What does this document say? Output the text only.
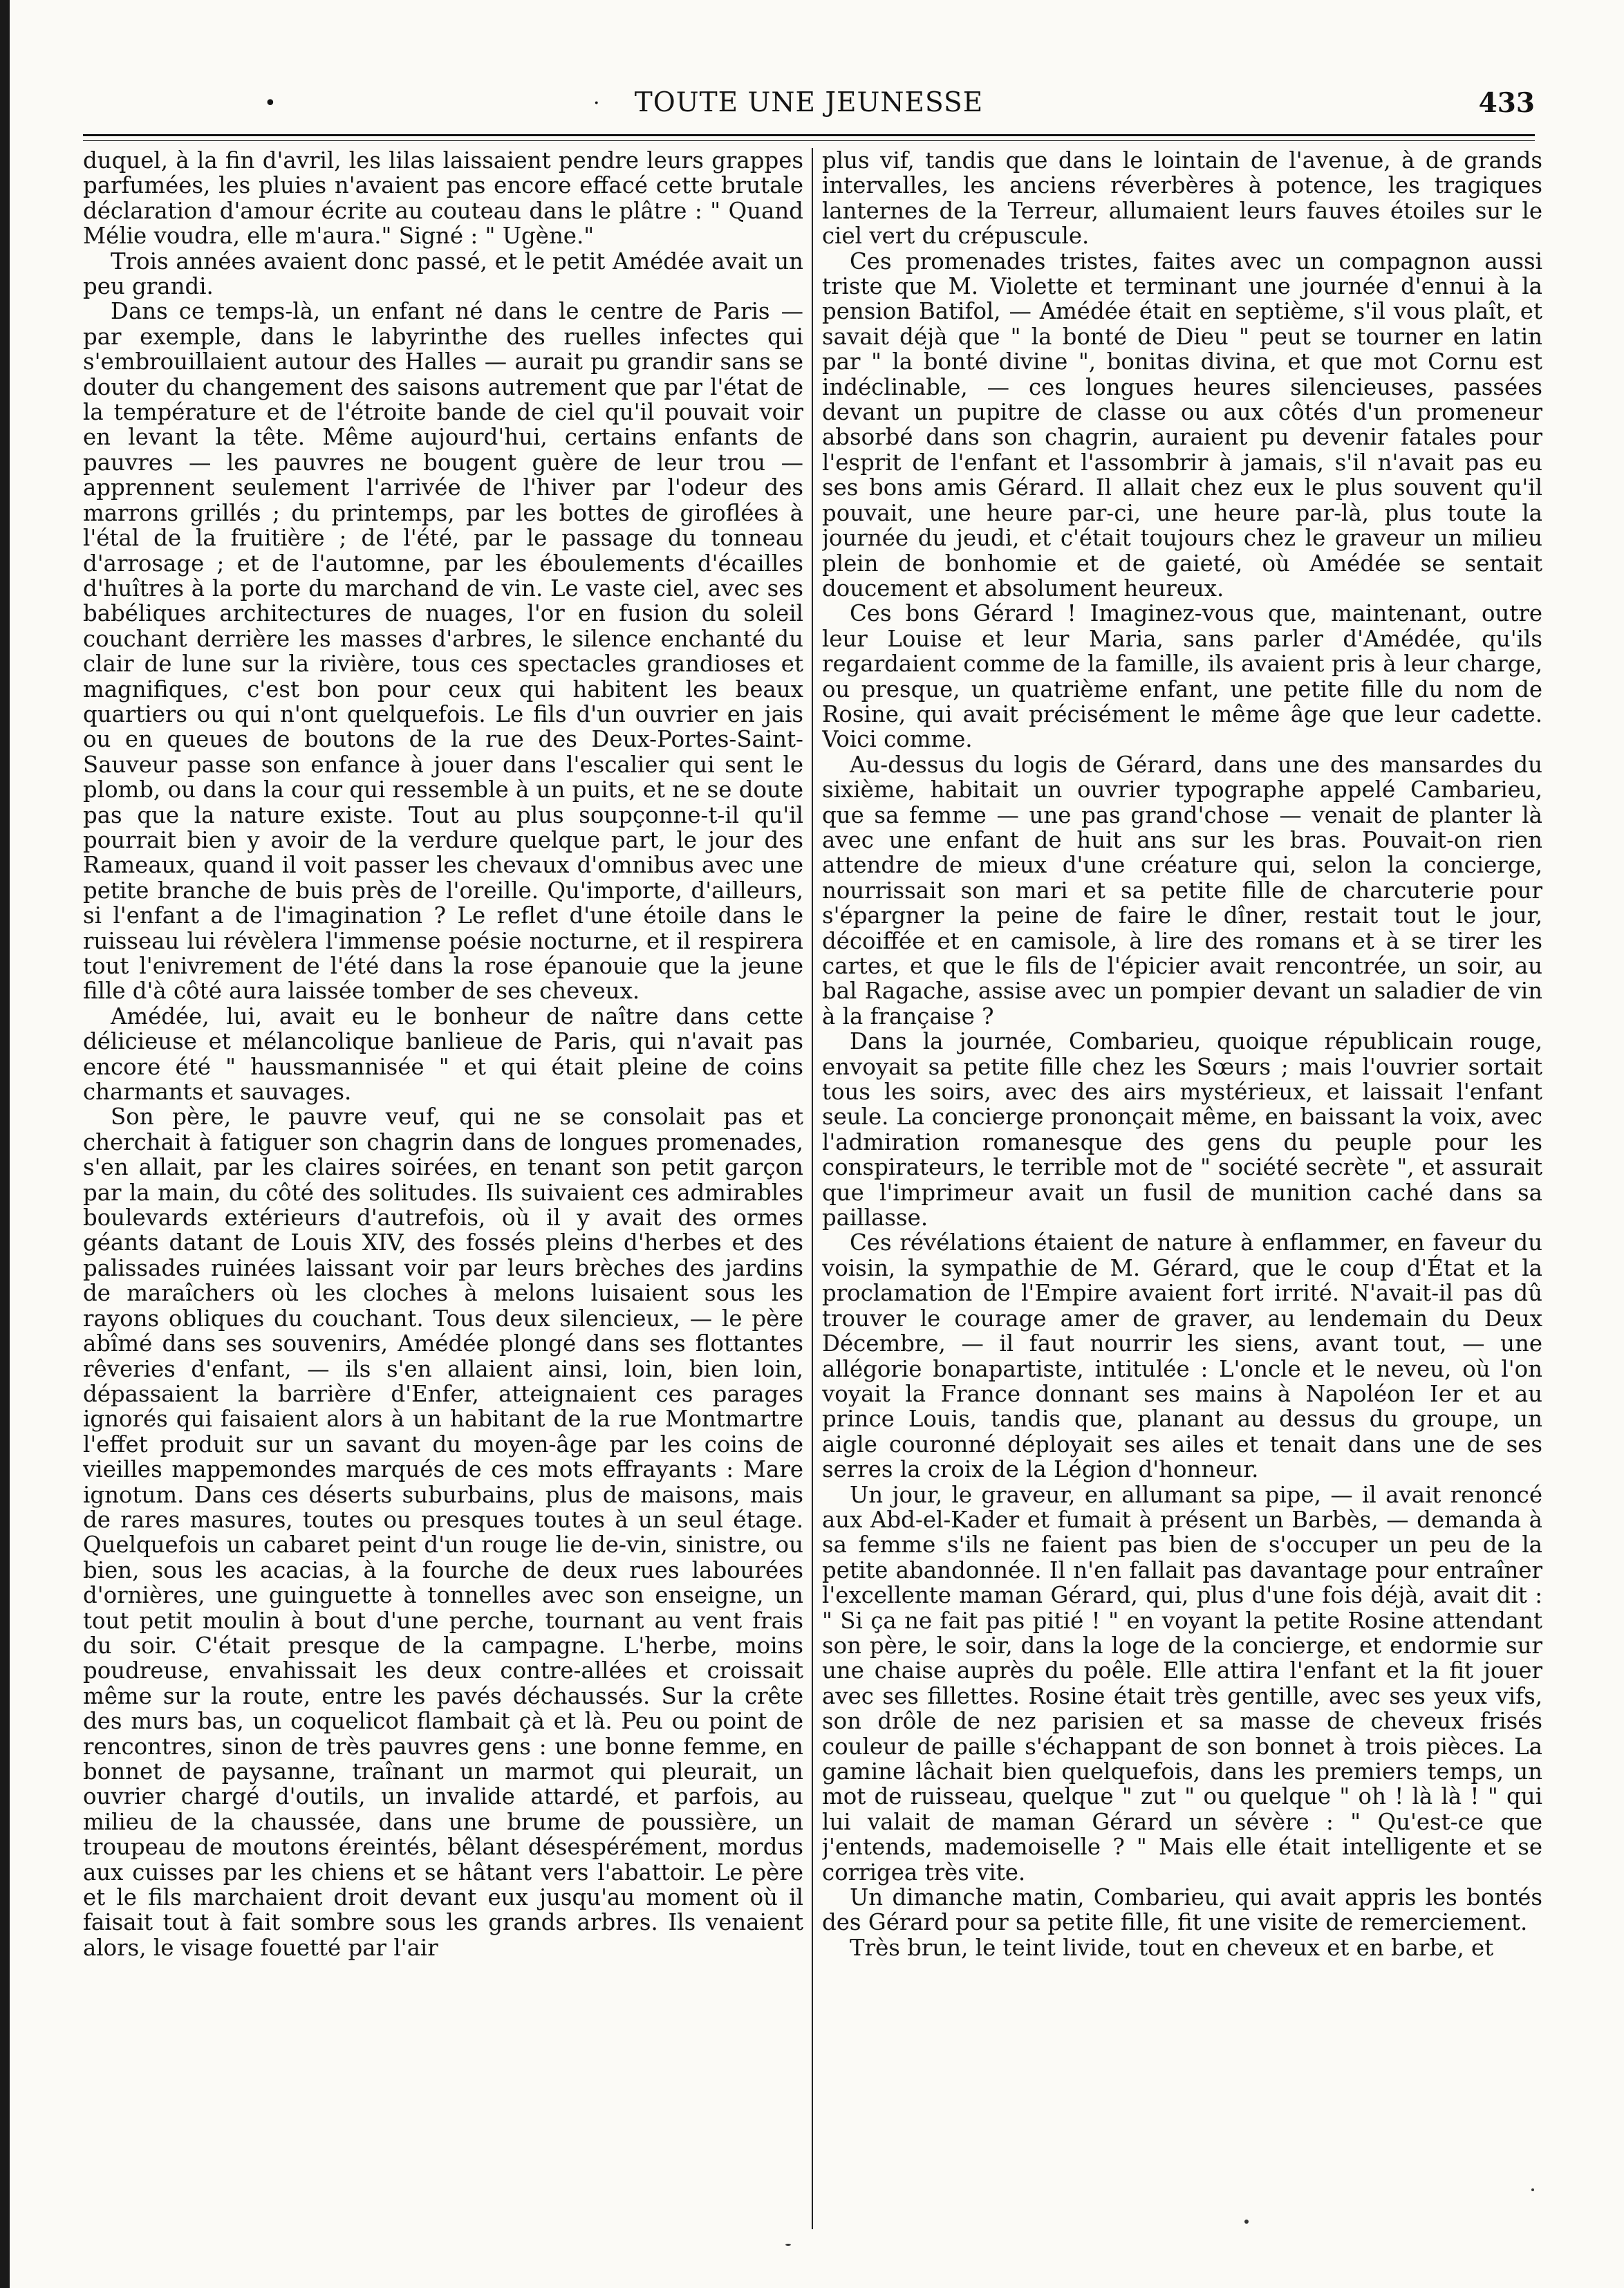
•	·	TOUTE UNE JEUNESSE	433

duquel, à la fin d'avril, les lilas laissaient pendre leurs grappes parfumées, les pluies n'avaient pas encore effacé cette brutale déclaration d'amour écrite au couteau dans le plâtre : " Quand Mélie voudra, elle m'aura." Signé : " Ugène."

Trois années avaient donc passé, et le petit Amédée avait un peu grandi.

Dans ce temps-là, un enfant né dans le centre de Paris — par exemple, dans le labyrinthe des ruelles infectes qui s'embrouillaient autour des Halles — aurait pu grandir sans se douter du changement des saisons autrement que par l'état de la température et de l'étroite bande de ciel qu'il pouvait voir en levant la tête. Même aujourd'hui, certains enfants de pauvres — les pauvres ne bougent guère de leur trou — apprennent seulement l'arrivée de l'hiver par l'odeur des marrons grillés ; du printemps, par les bottes de giroflées à l'étal de la fruitière ; de l'été, par le passage du tonneau d'arrosage ; et de l'automne, par les éboulements d'écailles d'huîtres à la porte du marchand de vin. Le vaste ciel, avec ses babéliques architectures de nuages, l'or en fusion du soleil couchant derrière les masses d'arbres, le silence enchanté du clair de lune sur la rivière, tous ces spectacles grandioses et magnifiques, c'est bon pour ceux qui habitent les beaux quartiers ou qui n'ont quelquefois. Le fils d'un ouvrier en jais ou en queues de boutons de la rue des Deux-Portes-Saint-Sauveur passe son enfance à jouer dans l'escalier qui sent le plomb, ou dans la cour qui ressemble à un puits, et ne se doute pas que la nature existe. Tout au plus soupçonne-t-il qu'il pourrait bien y avoir de la verdure quelque part, le jour des Rameaux, quand il voit passer les chevaux d'omnibus avec une petite branche de buis près de l'oreille. Qu'importe, d'ailleurs, si l'enfant a de l'imagination ? Le reflet d'une étoile dans le ruisseau lui révèlera l'immense poésie nocturne, et il respirera tout l'enivrement de l'été dans la rose épanouie que la jeune fille d'à côté aura laissée tomber de ses cheveux.

Amédée, lui, avait eu le bonheur de naître dans cette délicieuse et mélancolique banlieue de Paris, qui n'avait pas encore été " haussmannisée " et qui était pleine de coins charmants et sauvages.

Son père, le pauvre veuf, qui ne se consolait pas et cherchait à fatiguer son chagrin dans de longues promenades, s'en allait, par les claires soirées, en tenant son petit garçon par la main, du côté des solitudes. Ils suivaient ces admirables boulevards extérieurs d'autrefois, où il y avait des ormes géants datant de Louis XIV, des fossés pleins d'herbes et des palissades ruinées laissant voir par leurs brèches des jardins de maraîchers où les cloches à melons luisaient sous les rayons obliques du couchant. Tous deux silencieux, — le père abîmé dans ses souvenirs, Amédée plongé dans ses flottantes rêveries d'enfant, — ils s'en allaient ainsi, loin, bien loin, dépassaient la barrière d'Enfer, atteignaient ces parages ignorés qui faisaient alors à un habitant de la rue Montmartre l'effet produit sur un savant du moyen-âge par les coins de vieilles mappemondes marqués de ces mots effrayants : Mare ignotum. Dans ces déserts suburbains, plus de maisons, mais de rares masures, toutes ou presques toutes à un seul étage. Quelquefois un cabaret peint d'un rouge lie de-vin, sinistre, ou bien, sous les acacias, à la fourche de deux rues labourées d'ornières, une guinguette à tonnelles avec son enseigne, un tout petit moulin à bout d'une perche, tournant au vent frais du soir. C'était presque de la campagne. L'herbe, moins poudreuse, envahissait les deux contre-allées et croissait même sur la route, entre les pavés déchaussés. Sur la crête des murs bas, un coquelicot flambait çà et là. Peu ou point de rencontres, sinon de très pauvres gens : une bonne femme, en bonnet de paysanne, traînant un marmot qui pleurait, un ouvrier chargé d'outils, un invalide attardé, et parfois, au milieu de la chaussée, dans une brume de poussière, un troupeau de moutons éreintés, bêlant désespérément, mordus aux cuisses par les chiens et se hâtant vers l'abattoir. Le père et le fils marchaient droit devant eux jusqu'au moment où il faisait tout à fait sombre sous les grands arbres. Ils venaient alors, le visage fouetté par l'air

plus vif, tandis que dans le lointain de l'avenue, à de grands intervalles, les anciens réverbères à potence, les tragiques lanternes de la Terreur, allumaient leurs fauves étoiles sur le ciel vert du crépuscule.

Ces promenades tristes, faites avec un compagnon aussi triste que M. Violette et terminant une journée d'ennui à la pension Batifol, — Amédée était en septième, s'il vous plaît, et savait déjà que " la bonté de Dieu " peut se tourner en latin par " la bonté divine ", bonitas divina, et que mot Cornu est indéclinable, — ces longues heures silencieuses, passées devant un pupitre de classe ou aux côtés d'un promeneur absorbé dans son chagrin, auraient pu devenir fatales pour l'esprit de l'enfant et l'assombrir à jamais, s'il n'avait pas eu ses bons amis Gérard. Il allait chez eux le plus souvent qu'il pouvait, une heure par-ci, une heure par-là, plus toute la journée du jeudi, et c'était toujours chez le graveur un milieu plein de bonhomie et de gaieté, où Amédée se sentait doucement et absolument heureux.

Ces bons Gérard ! Imaginez-vous que, maintenant, outre leur Louise et leur Maria, sans parler d'Amédée, qu'ils regardaient comme de la famille, ils avaient pris à leur charge, ou presque, un quatrième enfant, une petite fille du nom de Rosine, qui avait précisément le même âge que leur cadette. Voici comme.

Au-dessus du logis de Gérard, dans une des mansardes du sixième, habitait un ouvrier typographe appelé Cambarieu, que sa femme — une pas grand'chose — venait de planter là avec une enfant de huit ans sur les bras. Pouvait-on rien attendre de mieux d'une créature qui, selon la concierge, nourrissait son mari et sa petite fille de charcuterie pour s'épargner la peine de faire le dîner, restait tout le jour, décoiffée et en camisole, à lire des romans et à se tirer les cartes, et que le fils de l'épicier avait rencontrée, un soir, au bal Ragache, assise avec un pompier devant un saladier de vin à la française ?

Dans la journée, Combarieu, quoique républicain rouge, envoyait sa petite fille chez les Sœurs ; mais l'ouvrier sortait tous les soirs, avec des airs mystérieux, et laissait l'enfant seule. La concierge prononçait même, en baissant la voix, avec l'admiration romanesque des gens du peuple pour les conspirateurs, le terrible mot de " société secrète ", et assurait que l'imprimeur avait un fusil de munition caché dans sa paillasse.

Ces révélations étaient de nature à enflammer, en faveur du voisin, la sympathie de M. Gérard, que le coup d'État et la proclamation de l'Empire avaient fort irrité. N'avait-il pas dû trouver le courage amer de graver, au lendemain du Deux Décembre, — il faut nourrir les siens, avant tout, — une allégorie bonapartiste, intitulée : L'oncle et le neveu, où l'on voyait la France donnant ses mains à Napoléon Ier et au prince Louis, tandis que, planant au dessus du groupe, un aigle couronné déployait ses ailes et tenait dans une de ses serres la croix de la Légion d'honneur.

Un jour, le graveur, en allumant sa pipe, — il avait renoncé aux Abd-el-Kader et fumait à présent un Barbès, — demanda à sa femme s'ils ne faient pas bien de s'occuper un peu de la petite abandonnée. Il n'en fallait pas davantage pour entraîner l'excellente maman Gérard, qui, plus d'une fois déjà, avait dit : " Si ça ne fait pas pitié ! " en voyant la petite Rosine attendant son père, le soir, dans la loge de la concierge, et endormie sur une chaise auprès du poêle. Elle attira l'enfant et la fit jouer avec ses fillettes. Rosine était très gentille, avec ses yeux vifs, son drôle de nez parisien et sa masse de cheveux frisés couleur de paille s'échappant de son bonnet à trois pièces. La gamine lâchait bien quelquefois, dans les premiers temps, un mot de ruisseau, quelque " zut " ou quelque " oh ! là là ! " qui lui valait de maman Gérard un sévère : " Qu'est-ce que j'entends, mademoiselle ? " Mais elle était intelligente et se corrigea très vite.

Un dimanche matin, Combarieu, qui avait appris les bontés des Gérard pour sa petite fille, fit une visite de remerciement.

Très brun, le teint livide, tout en cheveux et en barbe, et
